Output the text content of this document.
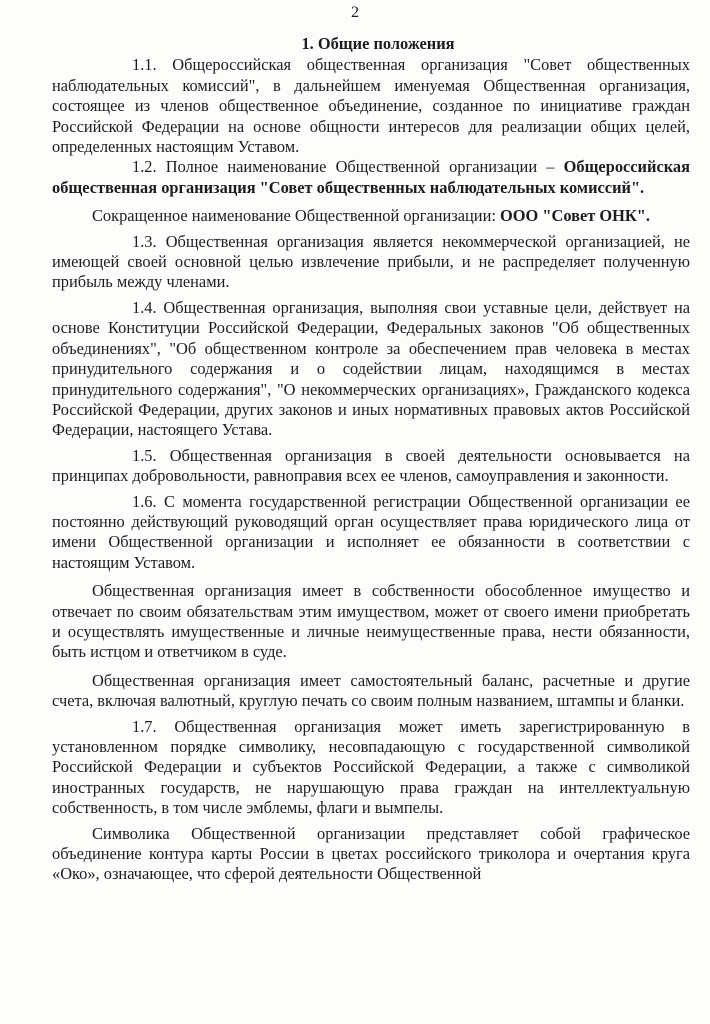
2
1. Общие положения

1.1. Общероссийская общественная организация "Совет общественных наблюдательных комиссий", в дальнейшем именуемая Общественная организация, состоящее из членов общественное объединение, созданное по инициативе граждан Российской Федерации на основе общности интересов для реализации общих целей, определенных настоящим Уставом.

1.2. Полное наименование Общественной организации – Общероссийская общественная организация "Совет общественных наблюдательных комиссий".

Сокращенное наименование Общественной организации: ООО "Совет ОНК".

1.3. Общественная организация является некоммерческой организацией, не имеющей своей основной целью извлечение прибыли, и не распределяет полученную прибыль между членами.

1.4. Общественная организация, выполняя свои уставные цели, действует на основе Конституции Российской Федерации, Федеральных законов "Об общественных объединениях", "Об общественном контроле за обеспечением прав человека в местах принудительного содержания и о содействии лицам, находящимся в местах принудительного содержания", "О некоммерческих организациях», Гражданского кодекса Российской Федерации, других законов и иных нормативных правовых актов Российской Федерации, настоящего Устава.

1.5. Общественная организация в своей деятельности основывается на принципах добровольности, равноправия всех ее членов, самоуправления и законности.

1.6. С момента государственной регистрации Общественной организации ее постоянно действующий руководящий орган осуществляет права юридического лица от имени Общественной организации и исполняет ее обязанности в соответствии с настоящим Уставом.

Общественная организация имеет в собственности обособленное имущество и отвечает по своим обязательствам этим имуществом, может от своего имени приобретать и осуществлять имущественные и личные неимущественные права, нести обязанности, быть истцом и ответчиком в суде.

Общественная организация имеет самостоятельный баланс, расчетные и другие счета, включая валютный, круглую печать со своим полным названием, штампы и бланки.

1.7. Общественная организация может иметь зарегистрированную в установленном порядке символику, несовпадающую с государственной символикой Российской Федерации и субъектов Российской Федерации, а также с символикой иностранных государств, не нарушающую права граждан на интеллектуальную собственность, в том числе эмблемы, флаги и вымпелы.

Символика Общественной организации представляет собой графическое объединение контура карты России в цветах российского триколора и очертания круга «Око», означающее, что сферой деятельности Общественной
